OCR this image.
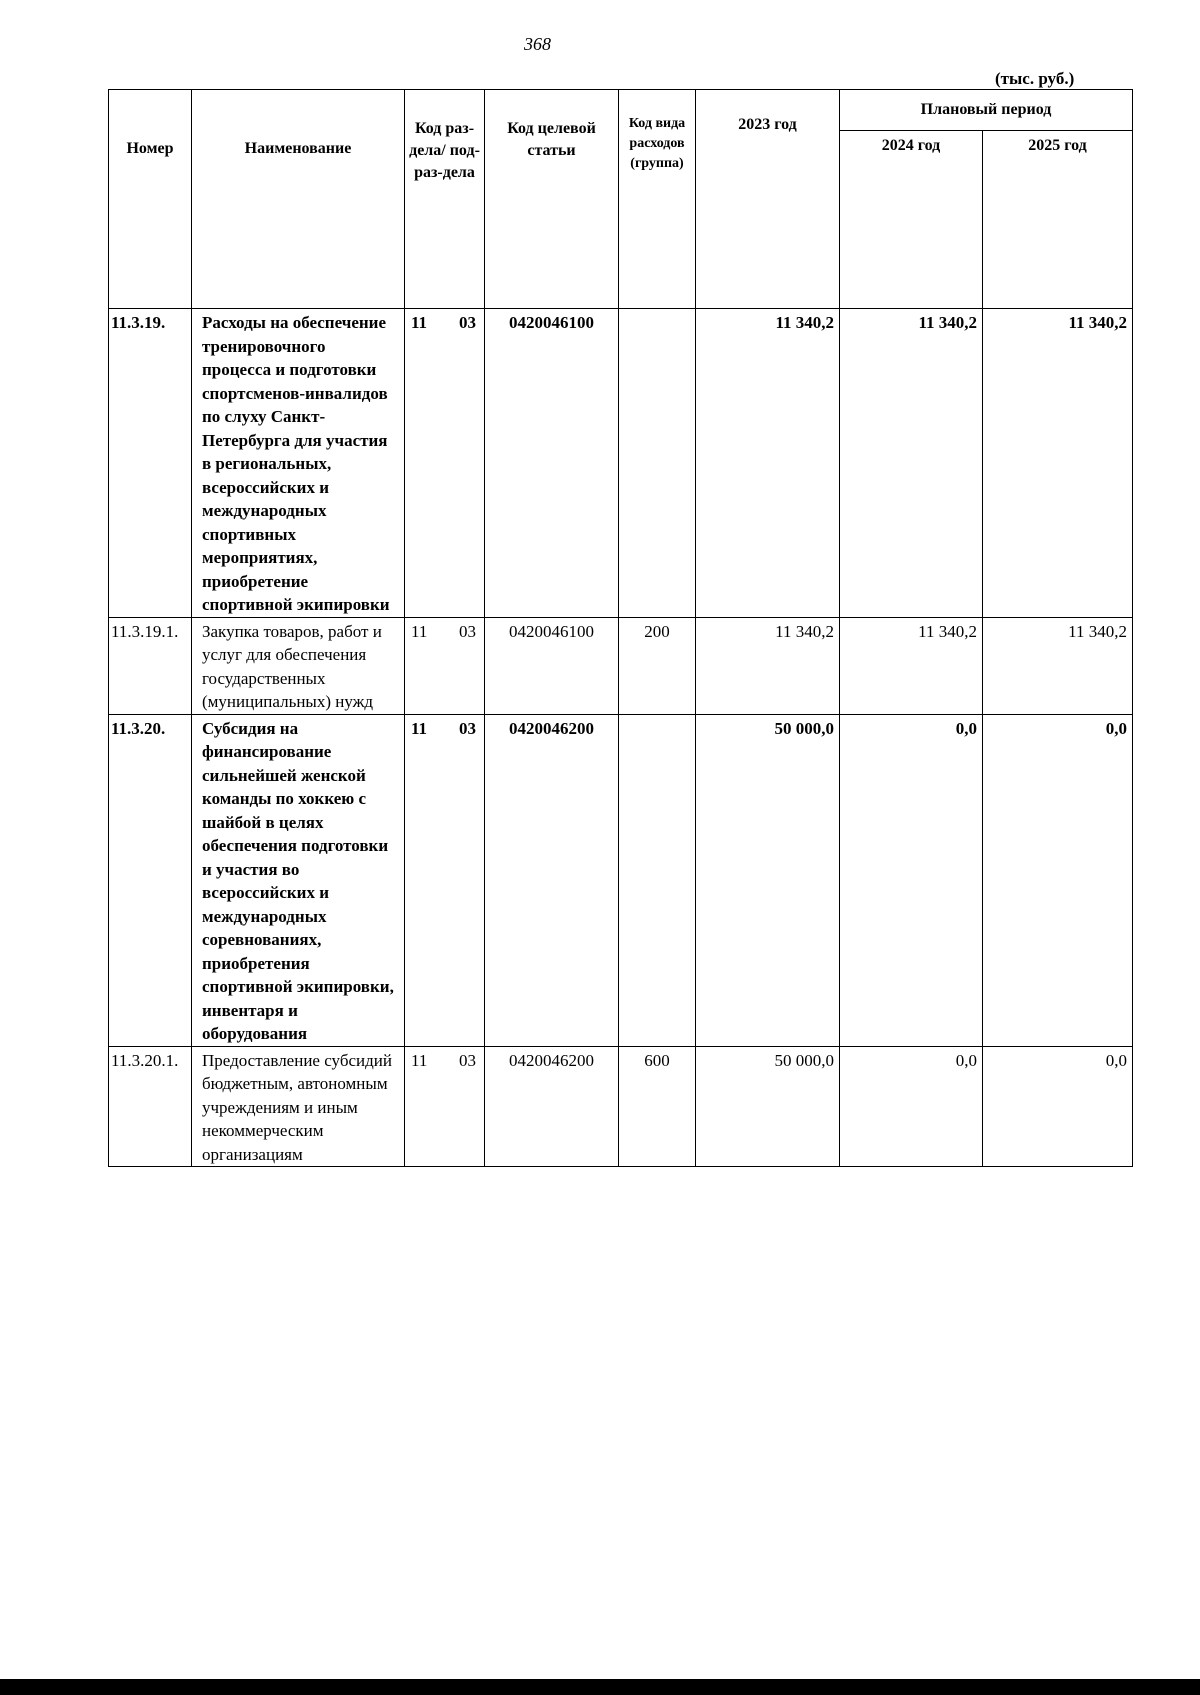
368
(тыс. руб.)
Номер	Наименование	Код раз-дела/ под-раз-дела	Код целевой статьи	Код вида расходов (группа)	2023 год	Плановый период	
						2024 год	2025 год
11.3.19.	Расходы на обеспечение тренировочного процесса и подготовки спортсменов-инвалидов по слуху Санкт-Петербурга для участия в региональных, всероссийских и международных спортивных мероприятиях, приобретение спортивной экипировки	11 03	0420046100		11 340,2	11 340,2	11 340,2
11.3.19.1.	Закупка товаров, работ и услуг для обеспечения государственных (муниципальных) нужд	11 03	0420046100	200	11 340,2	11 340,2	11 340,2
11.3.20.	Субсидия на финансирование сильнейшей женской команды по хоккею с шайбой в целях обеспечения подготовки и участия во всероссийских и международных соревнованиях, приобретения спортивной экипировки, инвентаря и оборудования	11 03	0420046200		50 000,0	0,0	0,0
11.3.20.1.	Предоставление субсидий бюджетным, автономным учреждениям и иным некоммерческим организациям	11 03	0420046200	600	50 000,0	0,0	0,0
